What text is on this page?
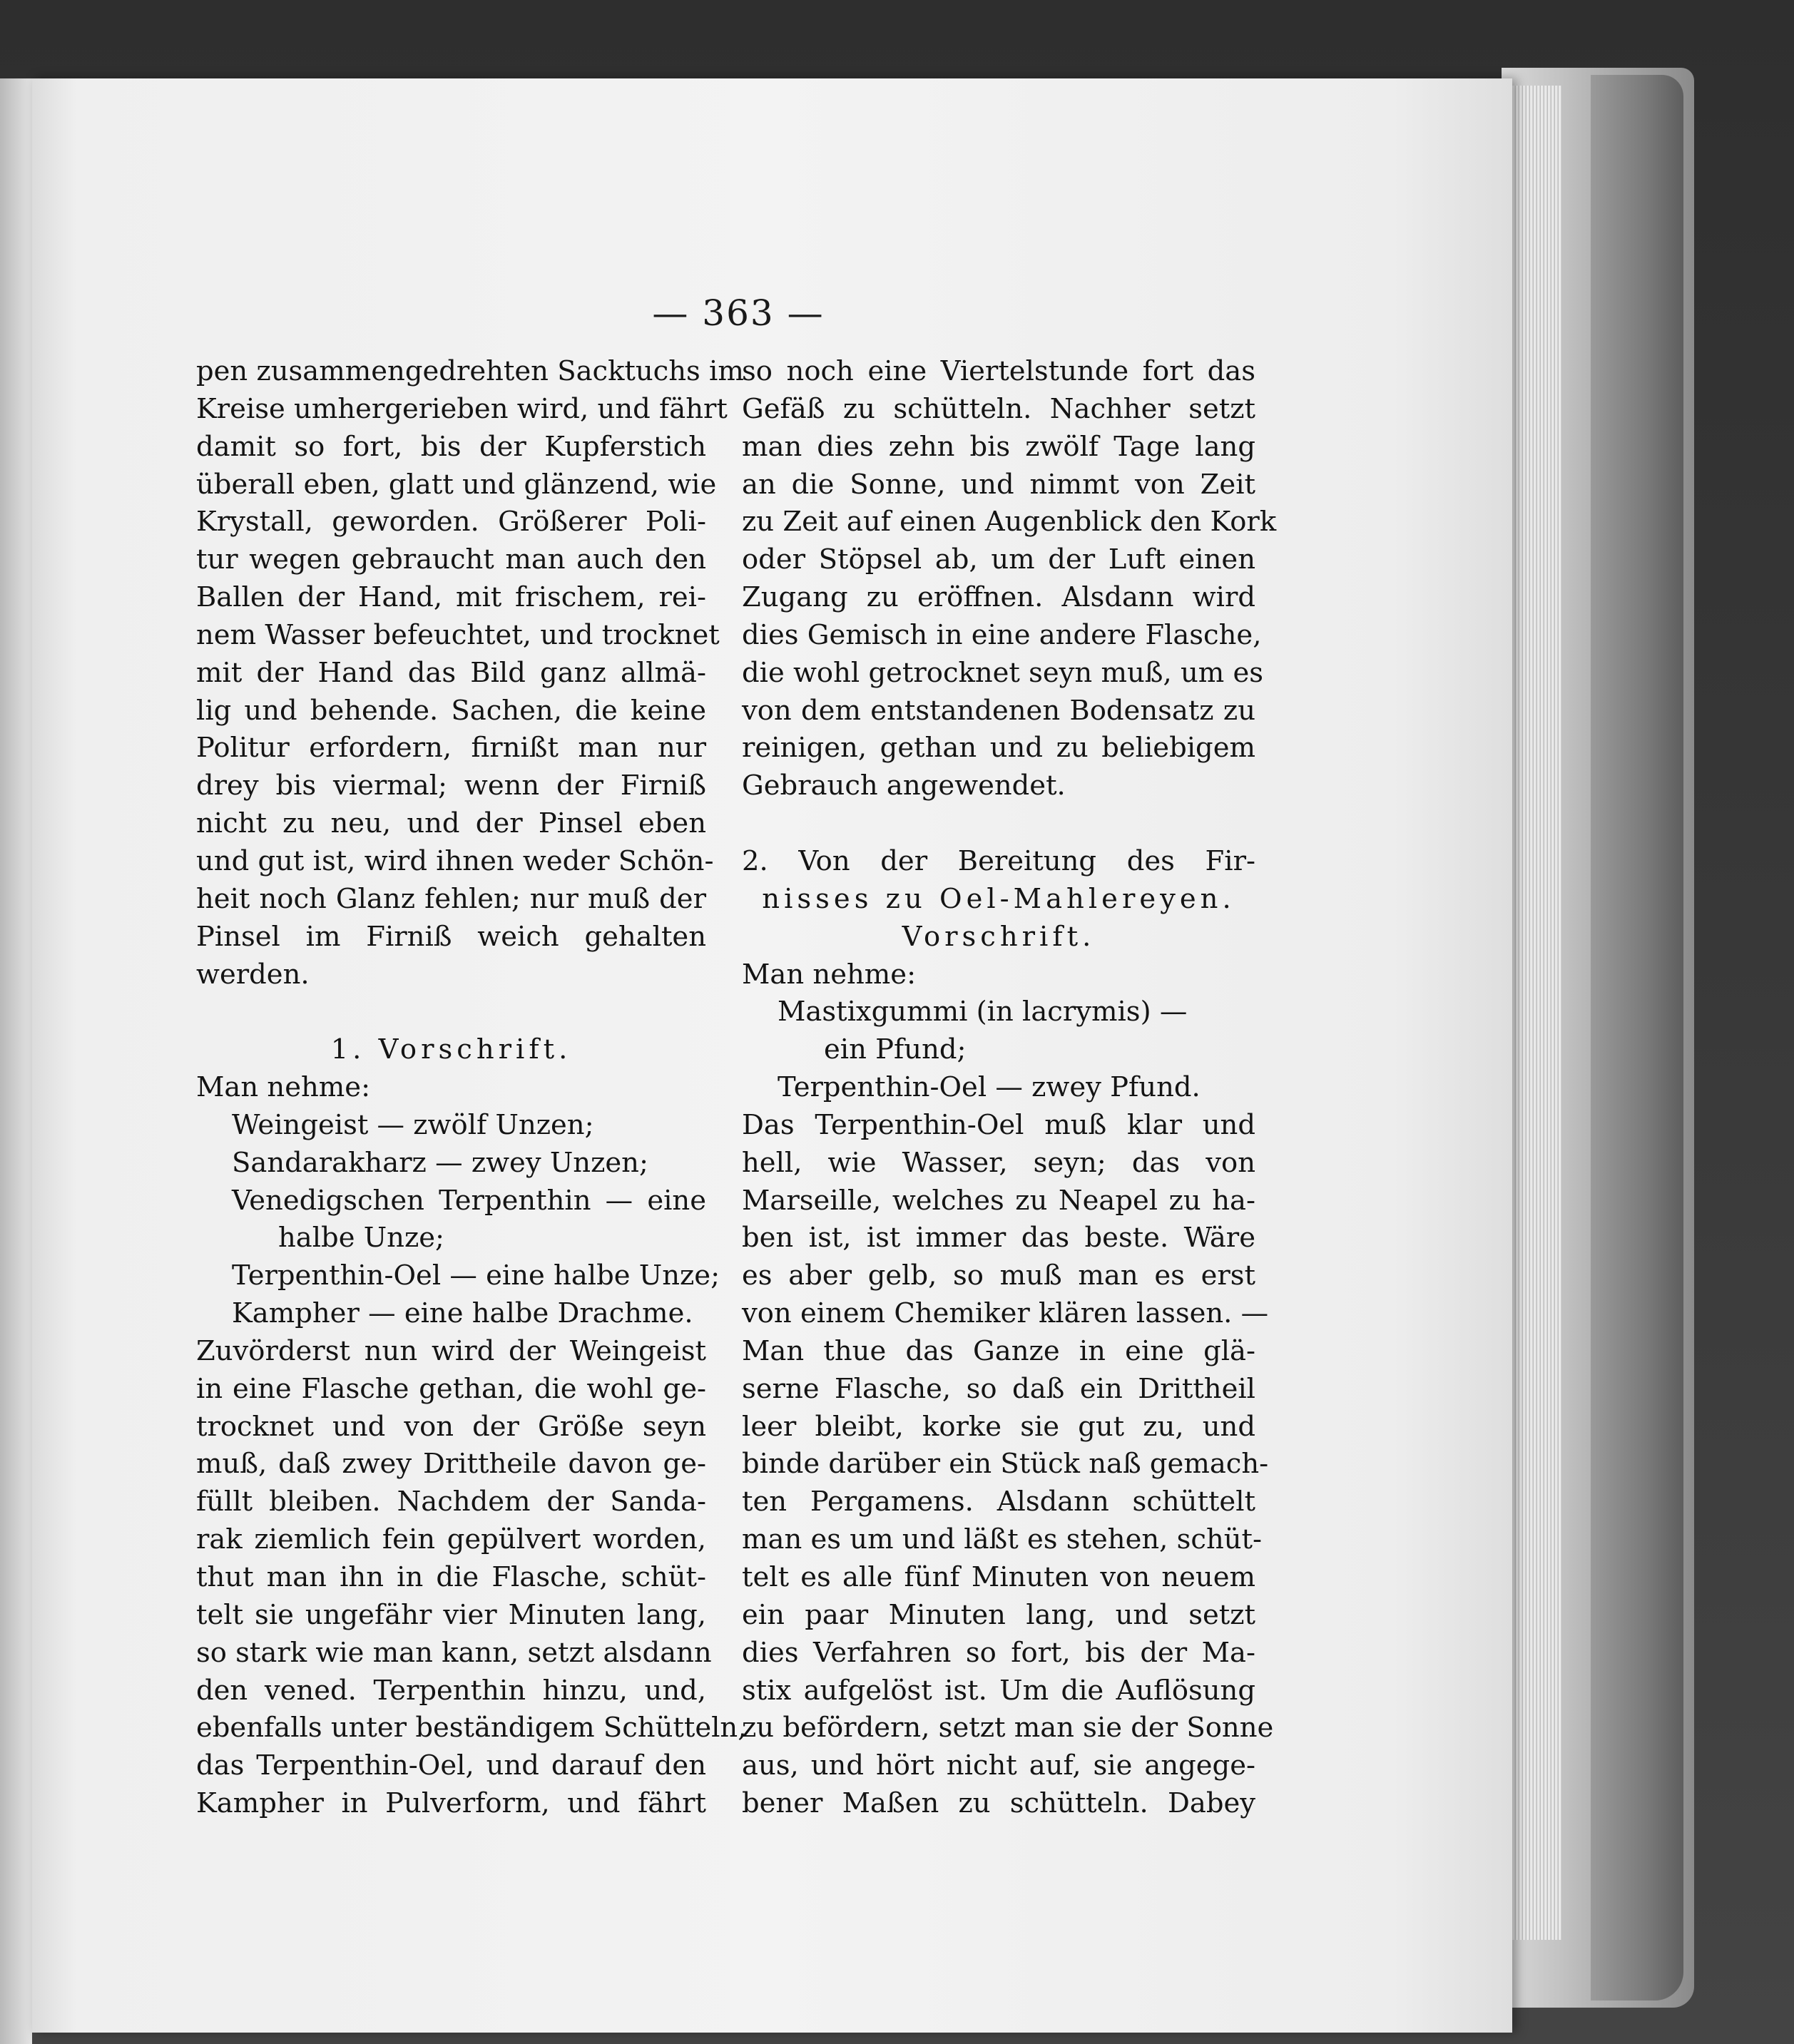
— 363 —
pen zusammengedrehten Sacktuchs im
Kreise umhergerieben wird, und fährt
damit so fort, bis der Kupferstich
überall eben, glatt und glänzend, wie
Krystall, geworden. Größerer Poli-
tur wegen gebraucht man auch den
Ballen der Hand, mit frischem, rei-
nem Wasser befeuchtet, und trocknet
mit der Hand das Bild ganz allmä-
lig und behende. Sachen, die keine
Politur erfordern, firnißt man nur
drey bis viermal; wenn der Firniß
nicht zu neu, und der Pinsel eben
und gut ist, wird ihnen weder Schön-
heit noch Glanz fehlen; nur muß der
Pinsel im Firniß weich gehalten
werden.
1. Vorschrift.
Man nehme:
Weingeist — zwölf Unzen;
Sandarakharz — zwey Unzen;
Venedigschen Terpenthin — eine
halbe Unze;
Terpenthin-Oel — eine halbe Unze;
Kampher — eine halbe Drachme.
Zuvörderst nun wird der Weingeist
in eine Flasche gethan, die wohl ge-
trocknet und von der Größe seyn
muß, daß zwey Drittheile davon ge-
füllt bleiben. Nachdem der Sanda-
rak ziemlich fein gepülvert worden,
thut man ihn in die Flasche, schüt-
telt sie ungefähr vier Minuten lang,
so stark wie man kann, setzt alsdann
den vened. Terpenthin hinzu, und,
ebenfalls unter beständigem Schütteln,
das Terpenthin-Oel, und darauf den
Kampher in Pulverform, und fährt
so noch eine Viertelstunde fort das
Gefäß zu schütteln. Nachher setzt
man dies zehn bis zwölf Tage lang
an die Sonne, und nimmt von Zeit
zu Zeit auf einen Augenblick den Kork
oder Stöpsel ab, um der Luft einen
Zugang zu eröffnen. Alsdann wird
dies Gemisch in eine andere Flasche,
die wohl getrocknet seyn muß, um es
von dem entstandenen Bodensatz zu
reinigen, gethan und zu beliebigem
Gebrauch angewendet.
2. Von der Bereitung des Fir-
nisses zu Oel-Mahlereyen.
Vorschrift.
Man nehme:
Mastixgummi (in lacrymis) —
ein Pfund;
Terpenthin-Oel — zwey Pfund.
Das Terpenthin-Oel muß klar und
hell, wie Wasser, seyn; das von
Marseille, welches zu Neapel zu ha-
ben ist, ist immer das beste. Wäre
es aber gelb, so muß man es erst
von einem Chemiker klären lassen. —
Man thue das Ganze in eine glä-
serne Flasche, so daß ein Drittheil
leer bleibt, korke sie gut zu, und
binde darüber ein Stück naß gemach-
ten Pergamens. Alsdann schüttelt
man es um und läßt es stehen, schüt-
telt es alle fünf Minuten von neuem
ein paar Minuten lang, und setzt
dies Verfahren so fort, bis der Ma-
stix aufgelöst ist. Um die Auflösung
zu befördern, setzt man sie der Sonne
aus, und hört nicht auf, sie angege-
bener Maßen zu schütteln. Dabey
